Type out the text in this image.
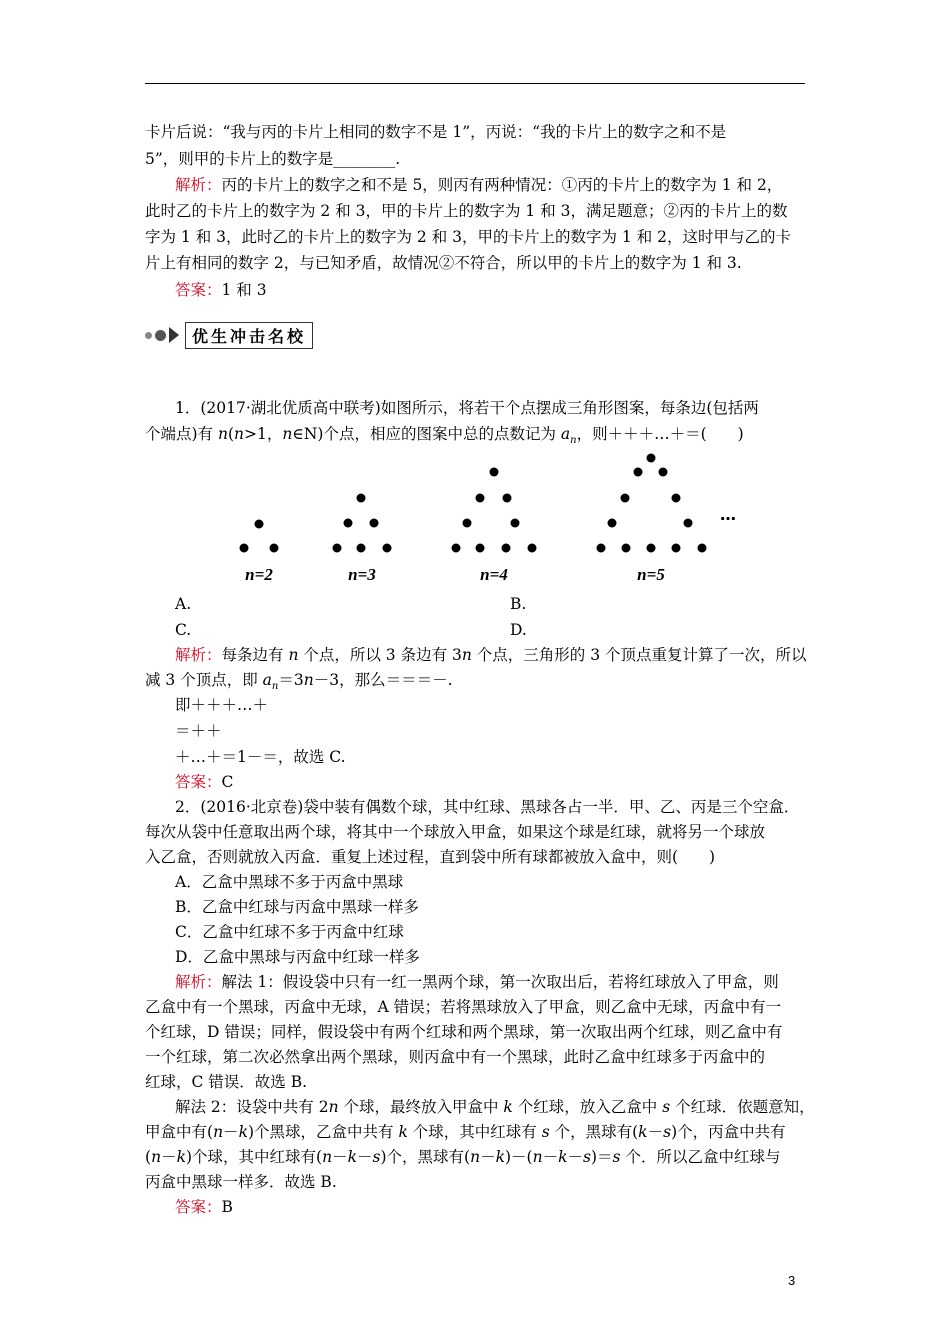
卡片后说：“我与丙的卡片上相同的数字不是 1”，丙说：“我的卡片上的数字之和不是
5”，则甲的卡片上的数字是________.
解析：丙的卡片上的数字之和不是 5，则丙有两种情况：①丙的卡片上的数字为 1 和 2，
此时乙的卡片上的数字为 2 和 3，甲的卡片上的数字为 1 和 3，满足题意；②丙的卡片上的数
字为 1 和 3，此时乙的卡片上的数字为 2 和 3，甲的卡片上的数字为 1 和 2，这时甲与乙的卡
片上有相同的数字 2，与已知矛盾，故情况②不符合，所以甲的卡片上的数字为 1 和 3.
答案：1 和 3
优生冲击名校
1．(2017·湖北优质高中联考)如图所示，将若干个点摆成三角形图案，每条边(包括两
个端点)有 n(n>1，n∈N)个点，相应的图案中总的点数记为 $a_n$，则＋＋＋…＋＝(　　)
…
n=2	n=3	n=4	n=5
A.	B.
C.	D.
解析：每条边有 n 个点，所以 3 条边有 3n 个点，三角形的 3 个顶点重复计算了一次，所以
减 3 个顶点，即 $a_n=3n-3$，那么＝＝＝－.
即＋＋＋…＋
＝＋＋
＋…＋＝1－＝，故选 C.
答案：C
2．(2016·北京卷)袋中装有偶数个球，其中红球、黑球各占一半．甲、乙、丙是三个空盒．
每次从袋中任意取出两个球，将其中一个球放入甲盒，如果这个球是红球，就将另一个球放
入乙盒，否则就放入丙盒．重复上述过程，直到袋中所有球都被放入盒中，则(　　)
A．乙盒中黑球不多于丙盒中黑球
B．乙盒中红球与丙盒中黑球一样多
C．乙盒中红球不多于丙盒中红球
D．乙盒中黑球与丙盒中红球一样多
解析：解法 1：假设袋中只有一红一黑两个球，第一次取出后，若将红球放入了甲盒，则
乙盒中有一个黑球，丙盒中无球，A 错误；若将黑球放入了甲盒，则乙盒中无球，丙盒中有一
个红球，D 错误；同样，假设袋中有两个红球和两个黑球，第一次取出两个红球，则乙盒中有
一个红球，第二次必然拿出两个黑球，则丙盒中有一个黑球，此时乙盒中红球多于丙盒中的
红球，C 错误．故选 B.
解法 2：设袋中共有 2n 个球，最终放入甲盒中 k 个红球，放入乙盒中 s 个红球．依题意知，
甲盒中有(n－k)个黑球，乙盒中共有 k 个球，其中红球有 s 个，黑球有(k－s)个，丙盒中共有
(n－k)个球，其中红球有(n－k－s)个，黑球有(n－k)－(n－k－s)＝s 个．所以乙盒中红球与
丙盒中黑球一样多．故选 B.
答案：B
3
